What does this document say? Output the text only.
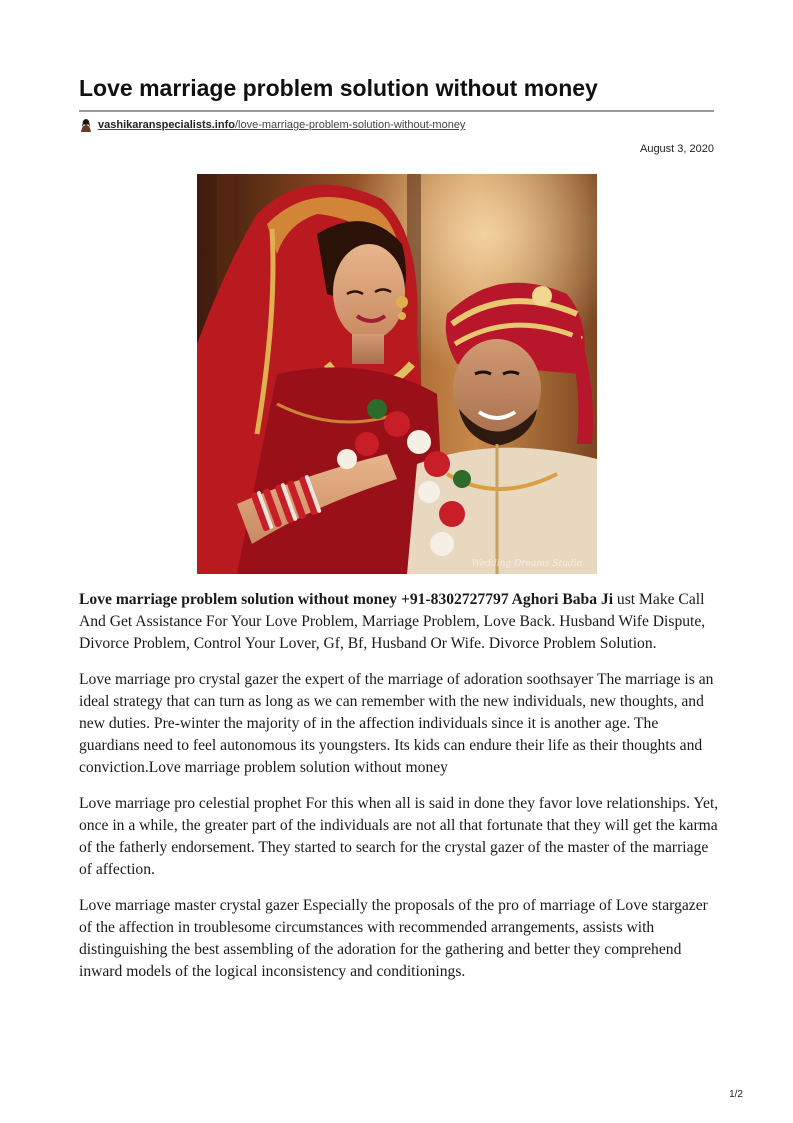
Love marriage problem solution without money
vashikaranspecialists.info/love-marriage-problem-solution-without-money
August 3, 2020
Wedding Dreams Studio

Love marriage problem solution without money +91-8302727797 Aghori Baba Ji ust Make Call And Get Assistance For Your Love Problem, Marriage Problem, Love Back. Husband Wife Dispute, Divorce Problem, Control Your Lover, Gf, Bf, Husband Or Wife. Divorce Problem Solution.

Love marriage pro crystal gazer the expert of the marriage of adoration soothsayer The marriage is an ideal strategy that can turn as long as we can remember with the new individuals, new thoughts, and new duties. Pre-winter the majority of in the affection individuals since it is another age. The guardians need to feel autonomous its youngsters. Its kids can endure their life as their thoughts and conviction.Love marriage problem solution without money

Love marriage pro celestial prophet For this when all is said in done they favor love relationships. Yet, once in a while, the greater part of the individuals are not all that fortunate that they will get the karma of the fatherly endorsement. They started to search for the crystal gazer of the master of the marriage of affection.

Love marriage master crystal gazer Especially the proposals of the pro of marriage of Love stargazer of the affection in troublesome circumstances with recommended arrangements, assists with distinguishing the best assembling of the adoration for the gathering and better they comprehend inward models of the logical inconsistency and conditionings.

1/2
